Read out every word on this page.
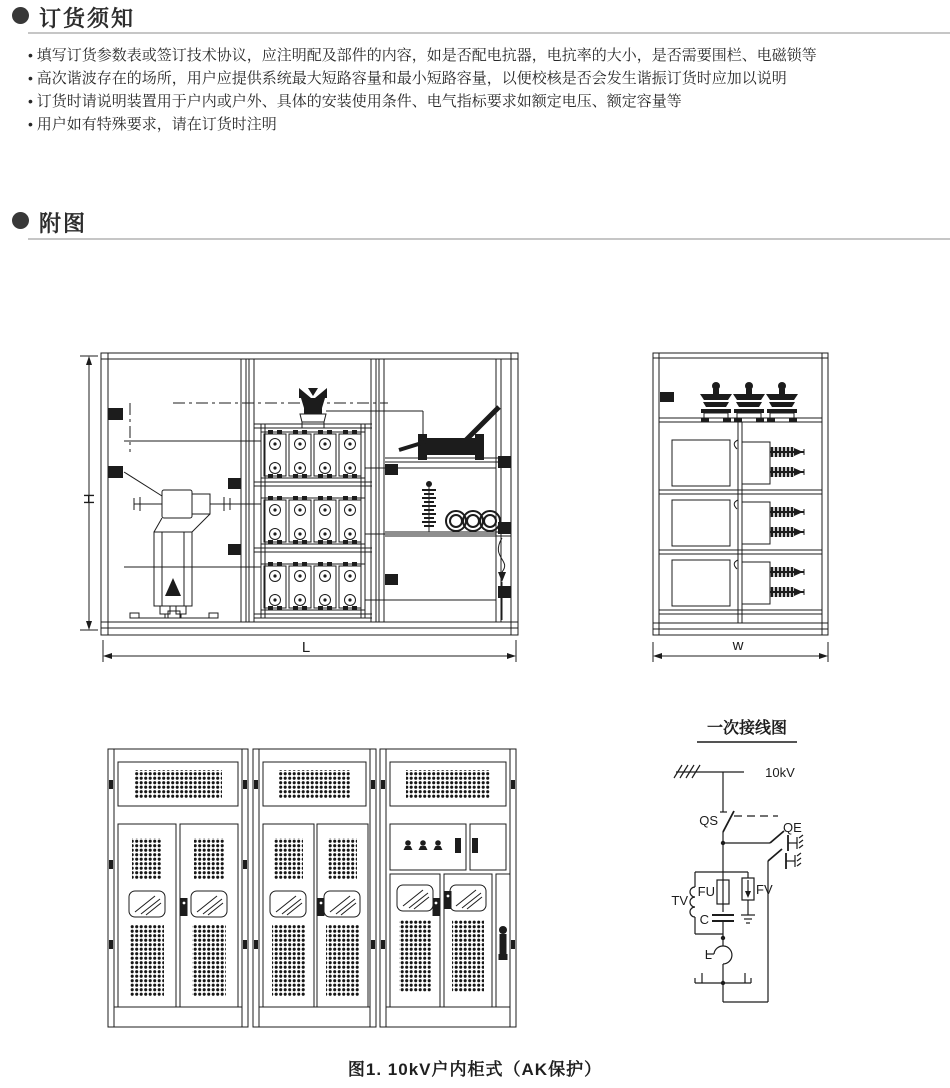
订货须知
• 填写订货参数表或签订技术协议，应注明配及部件的内容，如是否配电抗器，电抗率的大小，是否需要围栏、电磁锁等
• 高次谐波存在的场所，用户应提供系统最大短路容量和最小短路容量，以便校核是否会发生谐振订货时应加以说明
• 订货时请说明装置用于户内或户外、具体的安装使用条件、电气指标要求如额定电压、额定容量等
• 用户如有特殊要求，请在订货时注明
附图
H
L	w
一次接线图
10kV
QS	QE
TV
FU
C
FV
L
图1. 10kV户内柜式（AK保护）
